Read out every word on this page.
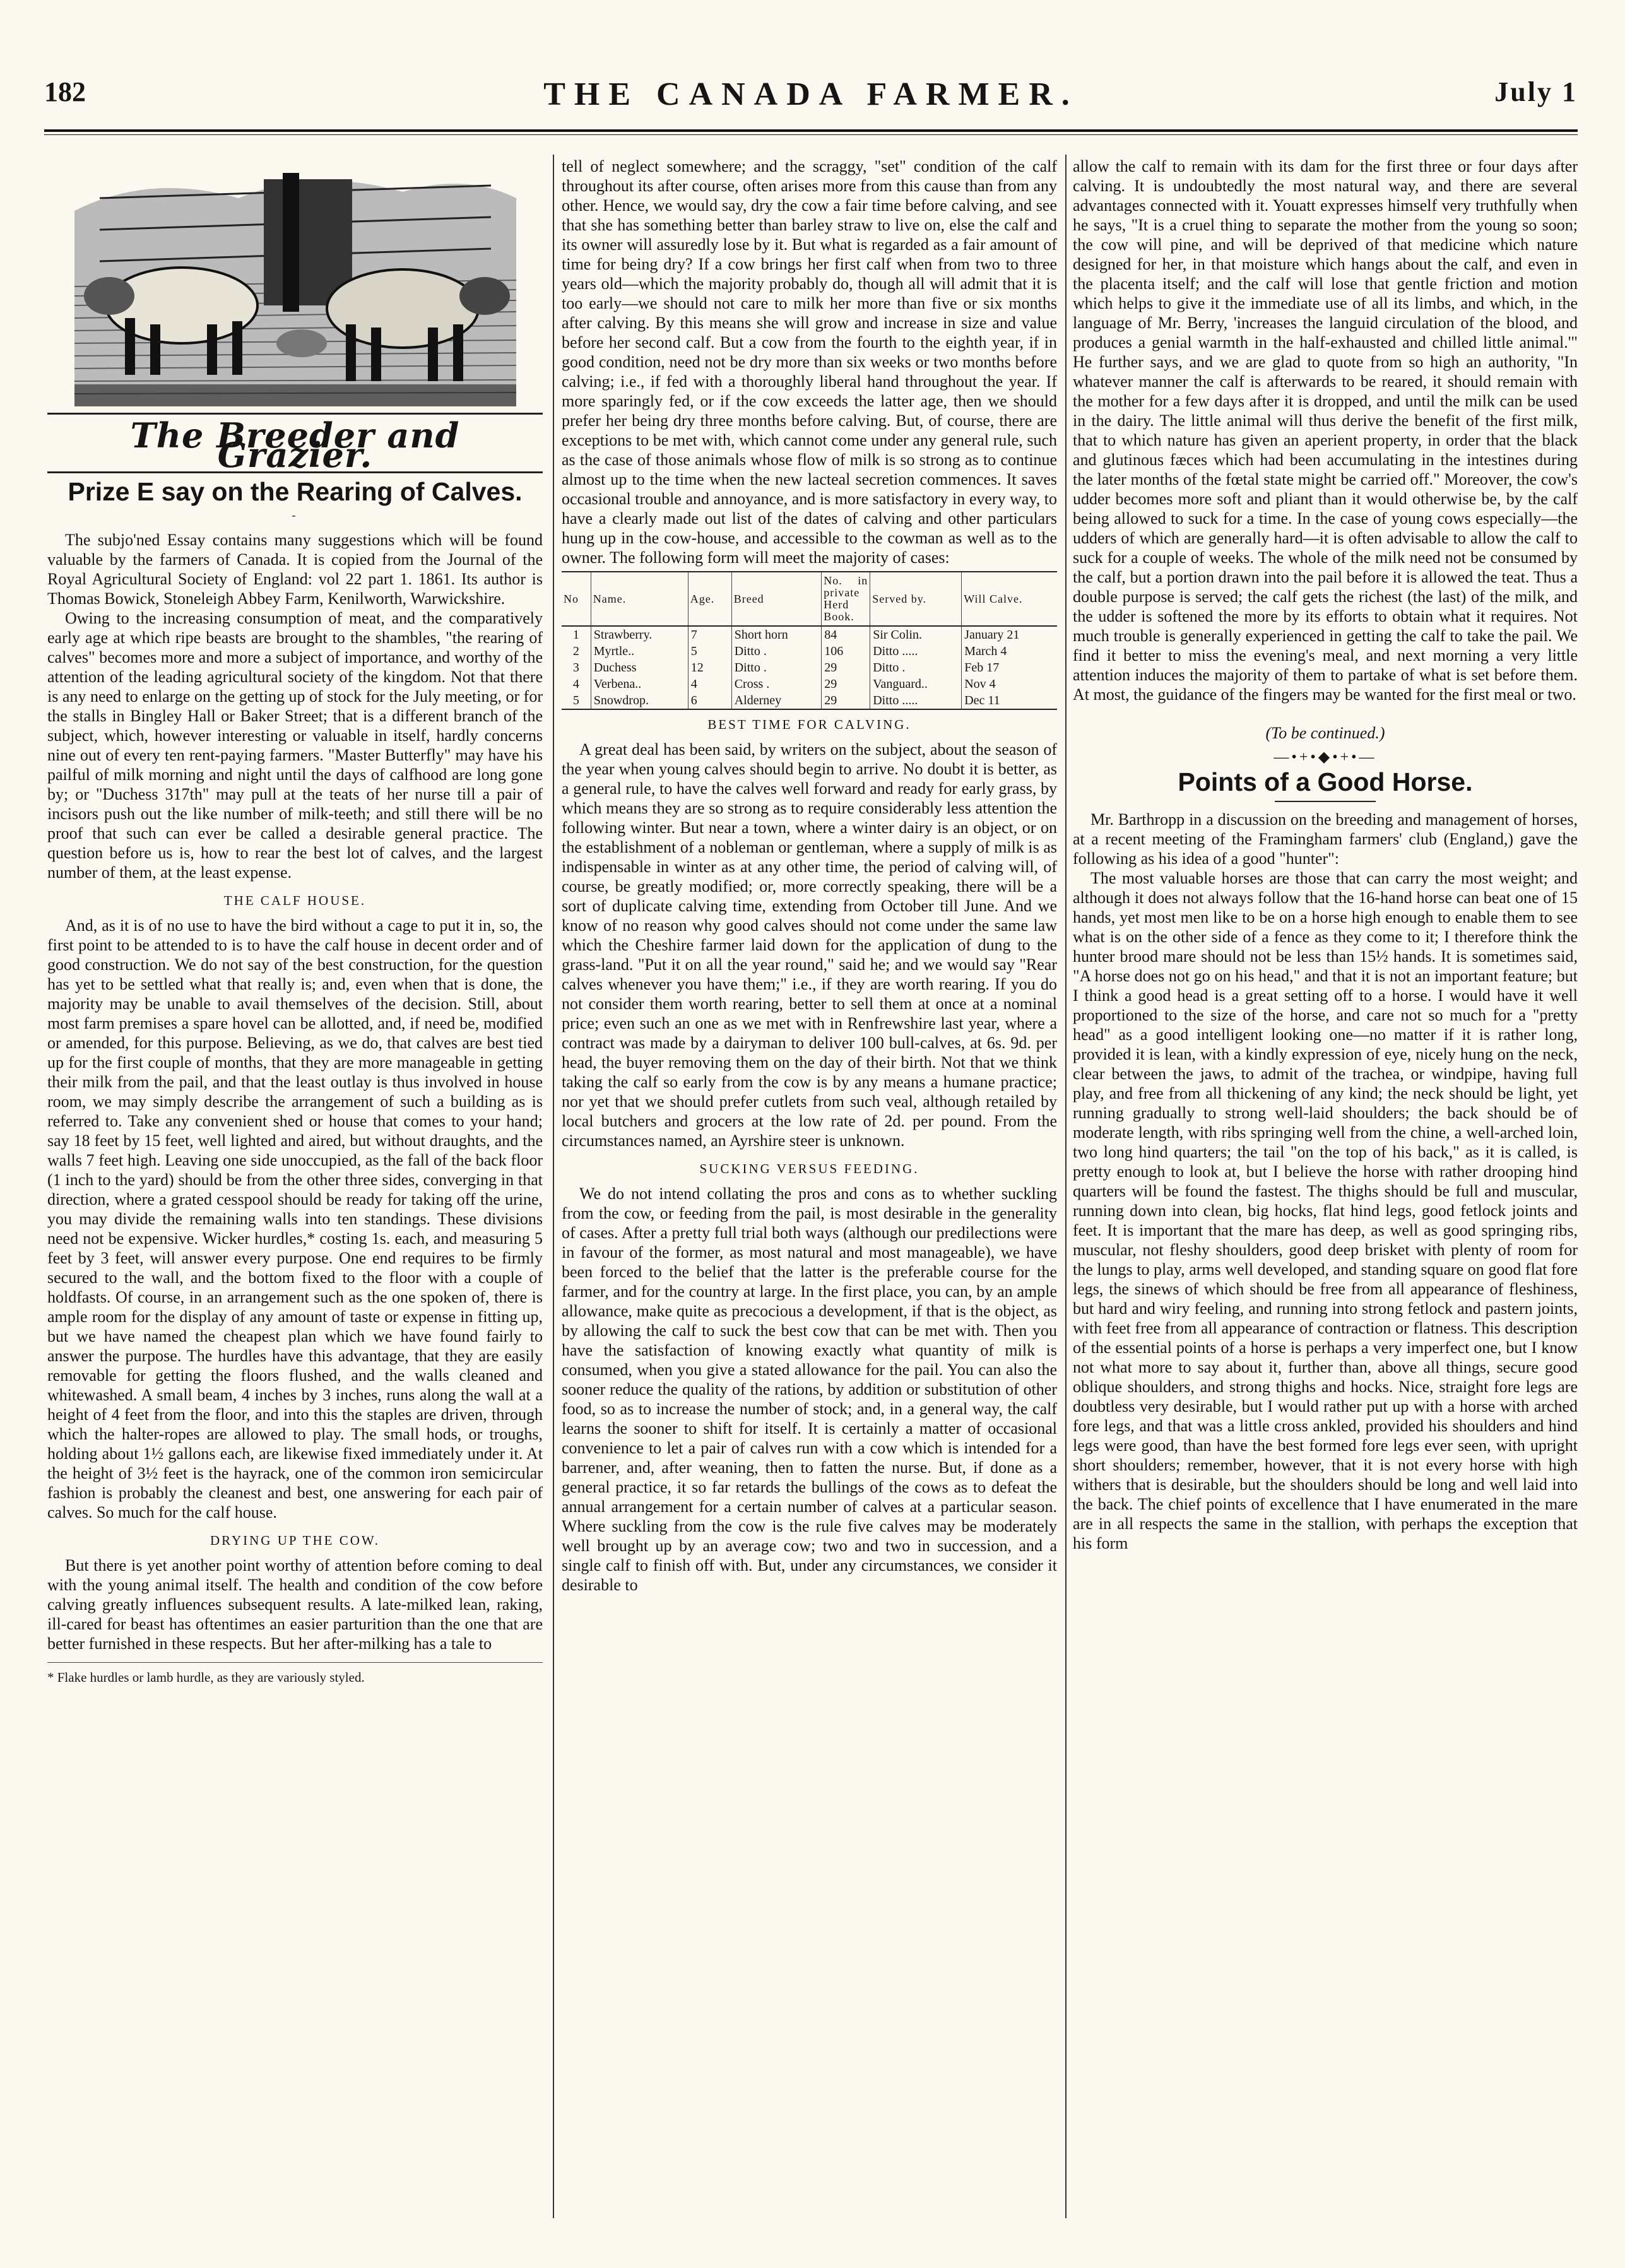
182	THE CANADA FARMER.	July 1
The Breeder and Grazier.
Prize E say on the Rearing of Calves.
-

The subjo'ned Essay contains many suggestions which will be found valuable by the farmers of Canada. It is copied from the Journal of the Royal Agricultural Society of England: vol 22 part 1. 1861. Its author is Thomas Bowick, Stoneleigh Abbey Farm, Kenilworth, Warwickshire.

Owing to the increasing consumption of meat, and the comparatively early age at which ripe beasts are brought to the shambles, "the rearing of calves" becomes more and more a subject of importance, and worthy of the attention of the leading agricultural society of the kingdom. Not that there is any need to enlarge on the getting up of stock for the July meeting, or for the stalls in Bingley Hall or Baker Street; that is a different branch of the subject, which, however interesting or valuable in itself, hardly concerns nine out of every ten rent-paying farmers. "Master Butterfly" may have his pailful of milk morning and night until the days of calfhood are long gone by; or "Duchess 317th" may pull at the teats of her nurse till a pair of incisors push out the like number of milk-teeth; and still there will be no proof that such can ever be called a desirable general practice. The question before us is, how to rear the best lot of calves, and the largest number of them, at the least expense.

THE CALF HOUSE.

And, as it is of no use to have the bird without a cage to put it in, so, the first point to be attended to is to have the calf house in decent order and of good construction. We do not say of the best construction, for the question has yet to be settled what that really is; and, even when that is done, the majority may be unable to avail themselves of the decision. Still, about most farm premises a spare hovel can be allotted, and, if need be, modified or amended, for this purpose. Believing, as we do, that calves are best tied up for the first couple of months, that they are more manageable in getting their milk from the pail, and that the least outlay is thus involved in house room, we may simply describe the arrangement of such a building as is referred to. Take any convenient shed or house that comes to your hand; say 18 feet by 15 feet, well lighted and aired, but without draughts, and the walls 7 feet high. Leaving one side unoccupied, as the fall of the back floor (1 inch to the yard) should be from the other three sides, converging in that direction, where a grated cesspool should be ready for taking off the urine, you may divide the remaining walls into ten standings. These divisions need not be expensive. Wicker hurdles,* costing 1s. each, and measuring 5 feet by 3 feet, will answer every purpose. One end requires to be firmly secured to the wall, and the bottom fixed to the floor with a couple of holdfasts. Of course, in an arrangement such as the one spoken of, there is ample room for the display of any amount of taste or expense in fitting up, but we have named the cheapest plan which we have found fairly to answer the purpose. The hurdles have this advantage, that they are easily removable for getting the floors flushed, and the walls cleaned and whitewashed. A small beam, 4 inches by 3 inches, runs along the wall at a height of 4 feet from the floor, and into this the staples are driven, through which the halter-ropes are allowed to play. The small hods, or troughs, holding about 1½ gallons each, are likewise fixed immediately under it. At the height of 3½ feet is the hayrack, one of the common iron semicircular fashion is probably the cleanest and best, one answering for each pair of calves. So much for the calf house.

DRYING UP THE COW.

But there is yet another point worthy of attention before coming to deal with the young animal itself. The health and condition of the cow before calving greatly influences subsequent results. A late-milked lean, raking, ill-cared for beast has oftentimes an easier parturition than the one that are better furnished in these respects. But her after-milking has a tale to

* Flake hurdles or lamb hurdle, as they are variously styled.

tell of neglect somewhere; and the scraggy, "set" condition of the calf throughout its after course, often arises more from this cause than from any other. Hence, we would say, dry the cow a fair time before calving, and see that she has something better than barley straw to live on, else the calf and its owner will assuredly lose by it. But what is regarded as a fair amount of time for being dry? If a cow brings her first calf when from two to three years old—which the majority probably do, though all will admit that it is too early—we should not care to milk her more than five or six months after calving. By this means she will grow and increase in size and value before her second calf. But a cow from the fourth to the eighth year, if in good condition, need not be dry more than six weeks or two months before calving; i.e., if fed with a thoroughly liberal hand throughout the year. If more sparingly fed, or if the cow exceeds the latter age, then we should prefer her being dry three months before calving. But, of course, there are exceptions to be met with, which cannot come under any general rule, such as the case of those animals whose flow of milk is so strong as to continue almost up to the time when the new lacteal secretion commences. It saves occasional trouble and annoyance, and is more satisfactory in every way, to have a clearly made out list of the dates of calving and other particulars hung up in the cow-house, and accessible to the cowman as well as to the owner. The following form will meet the majority of cases:

No	Name.	Age.	Breed	No. in private Herd Book.	Served by.	Will Calve.
1	Strawberry.	7	Short horn	84	Sir Colin.	January 21
2	Myrtle..	5	Ditto .	106	Ditto .....	March 4
3	Duchess	12	Ditto .	29	Ditto .	Feb 17
4	Verbena..	4	Cross .	29	Vanguard..	Nov 4
5	Snowdrop.	6	Alderney	29	Ditto .....	Dec 11
BEST TIME FOR CALVING.

A great deal has been said, by writers on the subject, about the season of the year when young calves should begin to arrive. No doubt it is better, as a general rule, to have the calves well forward and ready for early grass, by which means they are so strong as to require considerably less attention the following winter. But near a town, where a winter dairy is an object, or on the establishment of a nobleman or gentleman, where a supply of milk is as indispensable in winter as at any other time, the period of calving will, of course, be greatly modified; or, more correctly speaking, there will be a sort of duplicate calving time, extending from October till June. And we know of no reason why good calves should not come under the same law which the Cheshire farmer laid down for the application of dung to the grass-land. "Put it on all the year round," said he; and we would say "Rear calves whenever you have them;" i.e., if they are worth rearing. If you do not consider them worth rearing, better to sell them at once at a nominal price; even such an one as we met with in Renfrewshire last year, where a contract was made by a dairyman to deliver 100 bull-calves, at 6s. 9d. per head, the buyer removing them on the day of their birth. Not that we think taking the calf so early from the cow is by any means a humane practice; nor yet that we should prefer cutlets from such veal, although retailed by local butchers and grocers at the low rate of 2d. per pound. From the circumstances named, an Ayrshire steer is unknown.

SUCKING VERSUS FEEDING.

We do not intend collating the pros and cons as to whether suckling from the cow, or feeding from the pail, is most desirable in the generality of cases. After a pretty full trial both ways (although our predilections were in favour of the former, as most natural and most manageable), we have been forced to the belief that the latter is the preferable course for the farmer, and for the country at large. In the first place, you can, by an ample allowance, make quite as precocious a development, if that is the object, as by allowing the calf to suck the best cow that can be met with. Then you have the satisfaction of knowing exactly what quantity of milk is consumed, when you give a stated allowance for the pail. You can also the sooner reduce the quality of the rations, by addition or substitution of other food, so as to increase the number of stock; and, in a general way, the calf learns the sooner to shift for itself. It is certainly a matter of occasional convenience to let a pair of calves run with a cow which is intended for a barrener, and, after weaning, then to fatten the nurse. But, if done as a general practice, it so far retards the bullings of the cows as to defeat the annual arrangement for a certain number of calves at a particular season. Where suckling from the cow is the rule five calves may be moderately well brought up by an average cow; two and two in succession, and a single calf to finish off with. But, under any circumstances, we consider it desirable to

allow the calf to remain with its dam for the first three or four days after calving. It is undoubtedly the most natural way, and there are several advantages connected with it. Youatt expresses himself very truthfully when he says, "It is a cruel thing to separate the mother from the young so soon; the cow will pine, and will be deprived of that medicine which nature designed for her, in that moisture which hangs about the calf, and even in the placenta itself; and the calf will lose that gentle friction and motion which helps to give it the immediate use of all its limbs, and which, in the language of Mr. Berry, 'increases the languid circulation of the blood, and produces a genial warmth in the half-exhausted and chilled little animal.'" He further says, and we are glad to quote from so high an authority, "In whatever manner the calf is afterwards to be reared, it should remain with the mother for a few days after it is dropped, and until the milk can be used in the dairy. The little animal will thus derive the benefit of the first milk, that to which nature has given an aperient property, in order that the black and glutinous fæces which had been accumulating in the intestines during the later months of the fœtal state might be carried off." Moreover, the cow's udder becomes more soft and pliant than it would otherwise be, by the calf being allowed to suck for a time. In the case of young cows especially—the udders of which are generally hard—it is often advisable to allow the calf to suck for a couple of weeks. The whole of the milk need not be consumed by the calf, but a portion drawn into the pail before it is allowed the teat. Thus a double purpose is served; the calf gets the richest (the last) of the milk, and the udder is softened the more by its efforts to obtain what it requires. Not much trouble is generally experienced in getting the calf to take the pail. We find it better to miss the evening's meal, and next morning a very little attention induces the majority of them to partake of what is set before them. At most, the guidance of the fingers may be wanted for the first meal or two.

(To be continued.)
—•+•◆•+•—
Points of a Good Horse.

Mr. Barthropp in a discussion on the breeding and management of horses, at a recent meeting of the Framingham farmers' club (England,) gave the following as his idea of a good "hunter":

The most valuable horses are those that can carry the most weight; and although it does not always follow that the 16-hand horse can beat one of 15 hands, yet most men like to be on a horse high enough to enable them to see what is on the other side of a fence as they come to it; I therefore think the hunter brood mare should not be less than 15½ hands. It is sometimes said, "A horse does not go on his head," and that it is not an important feature; but I think a good head is a great setting off to a horse. I would have it well proportioned to the size of the horse, and care not so much for a "pretty head" as a good intelligent looking one—no matter if it is rather long, provided it is lean, with a kindly expression of eye, nicely hung on the neck, clear between the jaws, to admit of the trachea, or windpipe, having full play, and free from all thickening of any kind; the neck should be light, yet running gradually to strong well-laid shoulders; the back should be of moderate length, with ribs springing well from the chine, a well-arched loin, two long hind quarters; the tail "on the top of his back," as it is called, is pretty enough to look at, but I believe the horse with rather drooping hind quarters will be found the fastest. The thighs should be full and muscular, running down into clean, big hocks, flat hind legs, good fetlock joints and feet. It is important that the mare has deep, as well as good springing ribs, muscular, not fleshy shoulders, good deep brisket with plenty of room for the lungs to play, arms well developed, and standing square on good flat fore legs, the sinews of which should be free from all appearance of fleshiness, but hard and wiry feeling, and running into strong fetlock and pastern joints, with feet free from all appearance of contraction or flatness. This description of the essential points of a horse is perhaps a very imperfect one, but I know not what more to say about it, further than, above all things, secure good oblique shoulders, and strong thighs and hocks. Nice, straight fore legs are doubtless very desirable, but I would rather put up with a horse with arched fore legs, and that was a little cross ankled, provided his shoulders and hind legs were good, than have the best formed fore legs ever seen, with upright short shoulders; remember, however, that it is not every horse with high withers that is desirable, but the shoulders should be long and well laid into the back. The chief points of excellence that I have enumerated in the mare are in all respects the same in the stallion, with perhaps the exception that his form
